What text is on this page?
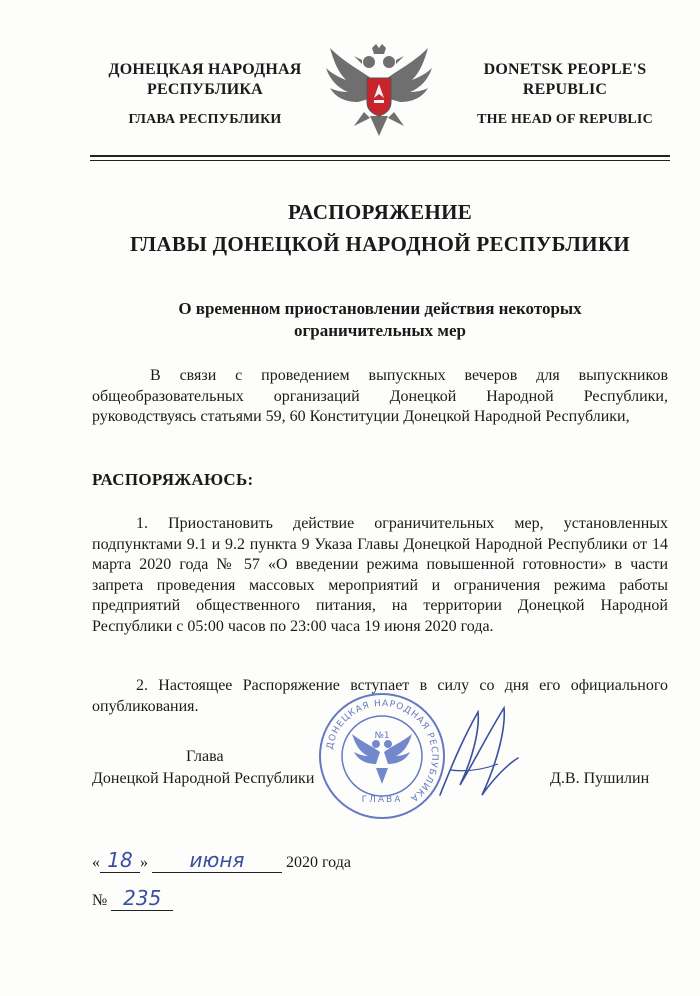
ДОНЕЦКАЯ НАРОДНАЯ РЕСПУБЛИКА
ГЛАВА РЕСПУБЛИКИ
DONETSK PEOPLE'S REPUBLIC
THE HEAD OF REPUBLIC
РАСПОРЯЖЕНИЕ
ГЛАВЫ ДОНЕЦКОЙ НАРОДНОЙ РЕСПУБЛИКИ
О временном приостановлении действия некоторых ограничительных мер
В связи с проведением выпускных вечеров для выпускников общеобразовательных организаций Донецкой Народной Республики, руководствуясь статьями 59, 60 Конституции Донецкой Народной Республики,
РАСПОРЯЖАЮСЬ:
1. Приостановить действие ограничительных мер, установленных подпунктами 9.1 и 9.2 пункта 9 Указа Главы Донецкой Народной Республики от 14 марта 2020 года № 57 «О введении режима повышенной готовности» в части запрета проведения массовых мероприятий и ограничения режима работы предприятий общественного питания, на территории Донецкой Народной Республики с 05:00 часов по 23:00 часа 19 июня 2020 года.
2. Настоящее Распоряжение вступает в силу со дня его официального опубликования.
№1
ДОНЕЦКАЯ НАРОДНАЯ РЕСПУБЛИКА
ГЛАВА
Глава
Донецкой Народной Республики	Д.В. Пушилин
« 18 » июня	2020 года
№ 235
